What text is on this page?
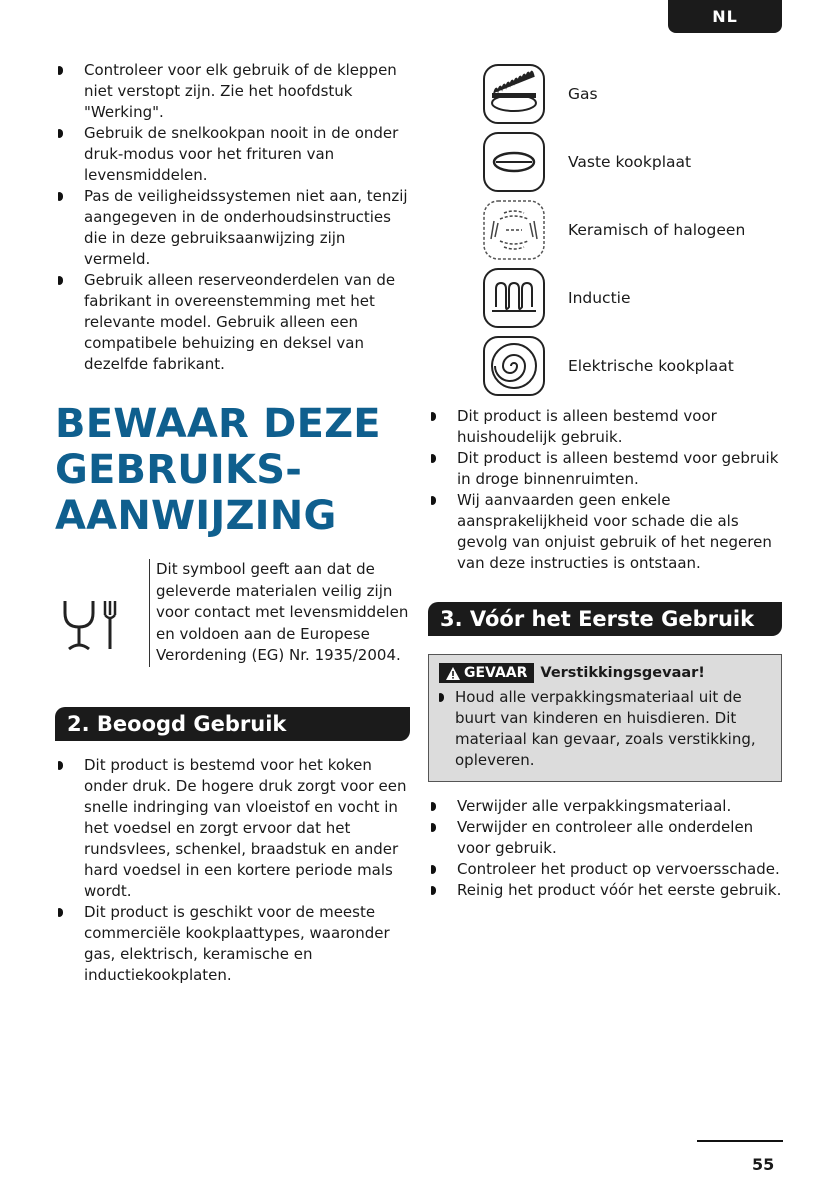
NL
Controleer voor elk gebruik of de kleppen niet verstopt zijn. Zie het hoofdstuk "Werking".
Gebruik de snelkookpan nooit in de onder druk-modus voor het frituren van levensmiddelen.
Pas de veiligheidssystemen niet aan, tenzij aangegeven in de onderhoudsinstructies die in deze gebruiksaanwijzing zijn vermeld.
Gebruik alleen reserveonderdelen van de fabrikant in overeenstemming met het relevante model. Gebruik alleen een compatibele behuizing en deksel van dezelfde fabrikant.
BEWAAR DEZE
GEBRUIKS-
AANWIJZING
Dit symbool geeft aan dat de geleverde materialen veilig zijn voor contact met levensmiddelen en voldoen aan de Europese Verordening (EG) Nr. 1935/2004.
2. Beoogd Gebruik
Dit product is bestemd voor het koken onder druk. De hogere druk zorgt voor een snelle indringing van vloeistof en vocht in het voedsel en zorgt ervoor dat het rundsvlees, schenkel, braadstuk en ander hard voedsel in een kortere periode mals wordt.
Dit product is geschikt voor de meeste commerciële kookplaattypes, waaronder gas, elektrisch, keramische en inductiekookplaten.
Gas
Vaste kookplaat
Keramisch of halogeen
Inductie
Elektrische kookplaat
Dit product is alleen bestemd voor huishoudelijk gebruik.
Dit product is alleen bestemd voor gebruik in droge binnenruimten.
Wij aanvaarden geen enkele aansprakelijkheid voor schade die als gevolg van onjuist gebruik of het negeren van deze instructies is ontstaan.
3. Vóór het Eerste Gebruik
GEVAAR Verstikkingsgevaar!
Houd alle verpakkingsmateriaal uit de buurt van kinderen en huisdieren. Dit materiaal kan gevaar, zoals verstikking, opleveren.
Verwijder alle verpakkingsmateriaal.
Verwijder en controleer alle onderdelen voor gebruik.
Controleer het product op vervoersschade.
Reinig het product vóór het eerste gebruik.
55
